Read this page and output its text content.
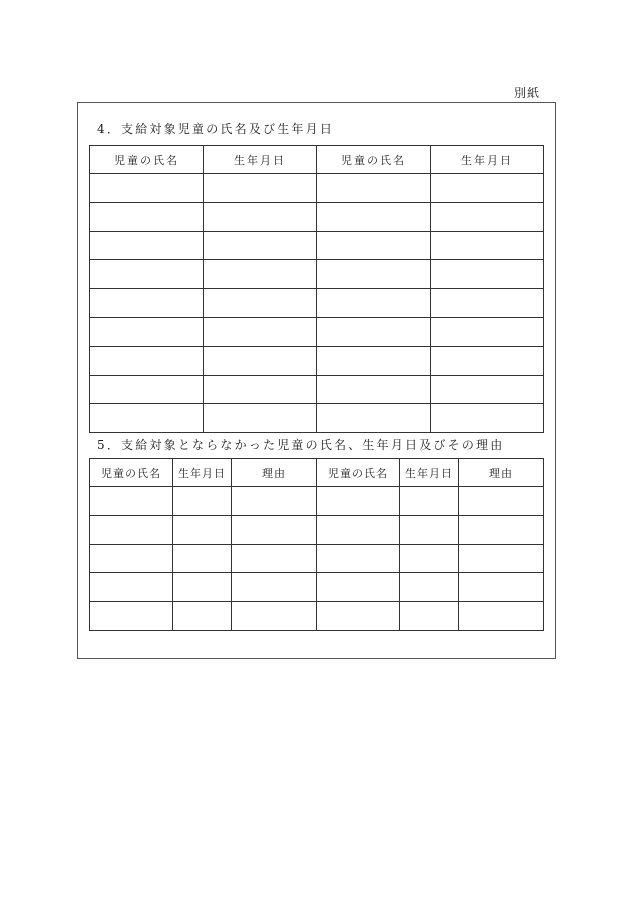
別紙
4．支給対象児童の氏名及び生年月日
児童の氏名	生年月日	児童の氏名	生年月日

5．支給対象とならなかった児童の氏名、生年月日及びその理由
児童の氏名	生年月日	理由	児童の氏名	生年月日	理由
